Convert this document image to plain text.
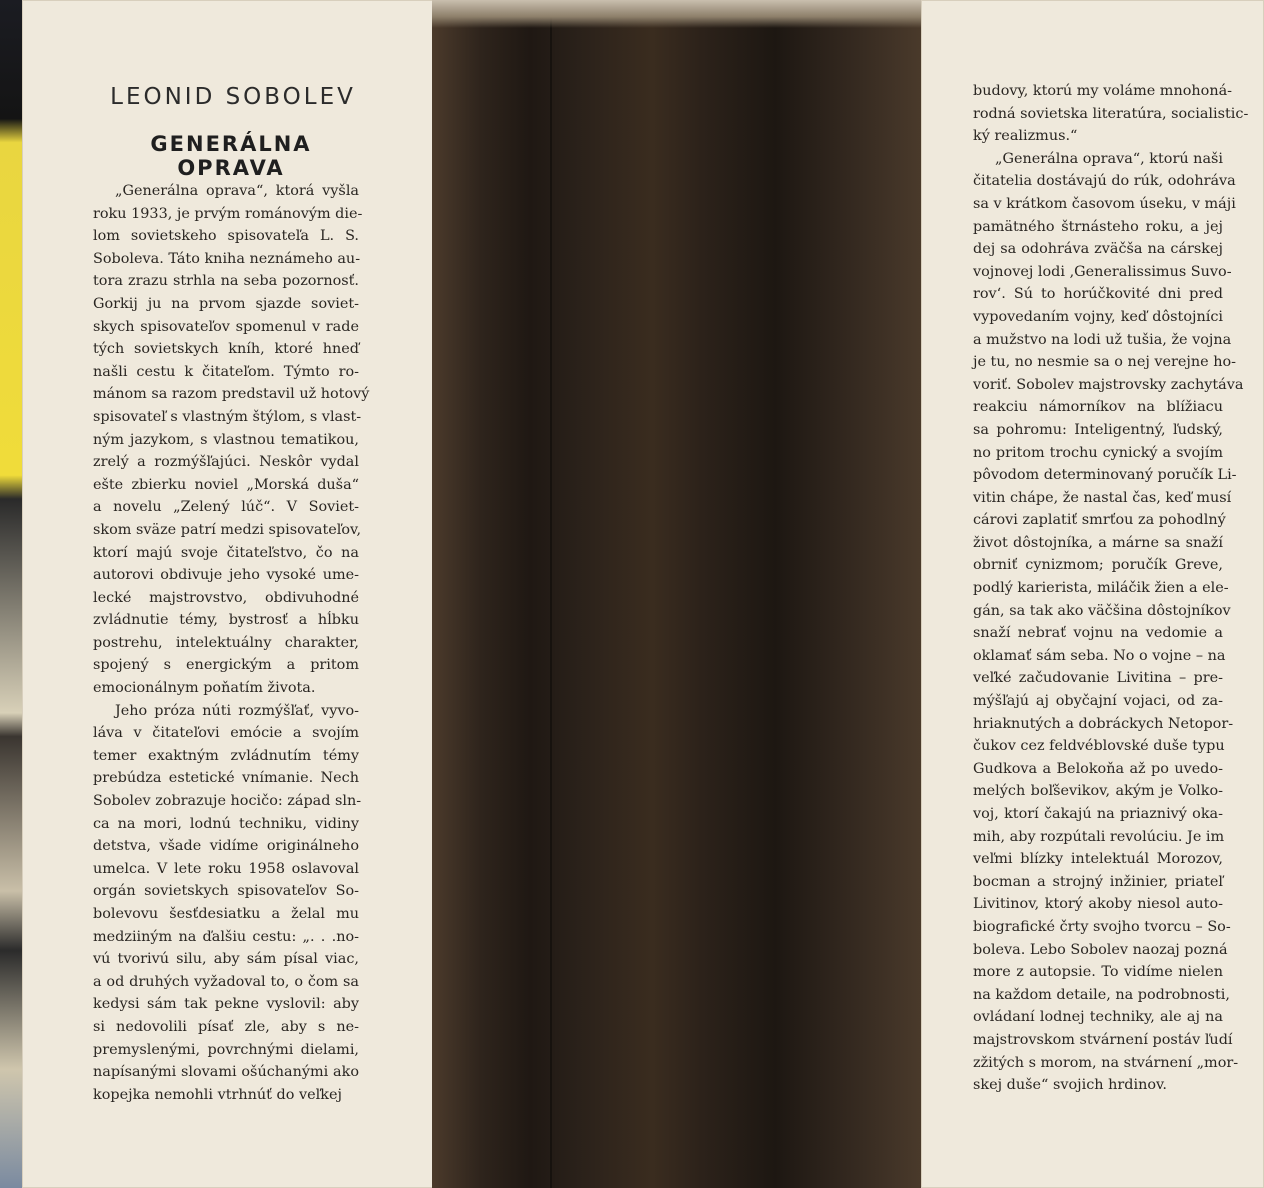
LEONID SOBOLEV
GENERÁLNA OPRAVA
„Generálna oprava“, ktorá vyšla
roku 1933, je prvým románovým die-
lom sovietskeho spisovateľa L. S.
Soboleva. Táto kniha neznámeho au-
tora zrazu strhla na seba pozornosť.
Gorkij ju na prvom sjazde soviet-
skych spisovateľov spomenul v rade
tých sovietskych kníh, ktoré hneď
našli cestu k čitateľom. Týmto ro-
mánom sa razom predstavil už hotový
spisovateľ s vlastným štýlom, s vlast-
ným jazykom, s vlastnou tematikou,
zrelý a rozmýšľajúci. Neskôr vydal
ešte zbierku noviel „Morská duša“
a novelu „Zelený lúč“. V Soviet-
skom sväze patrí medzi spisovateľov,
ktorí majú svoje čitateľstvo, čo na
autorovi obdivuje jeho vysoké ume-
lecké majstrovstvo, obdivuhodné
zvládnutie témy, bystrosť a hĺbku
postrehu, intelektuálny charakter,
spojený s energickým a pritom
emocionálnym poňatím života.
Jeho próza núti rozmýšľať, vyvo-
láva v čitateľovi emócie a svojím
temer exaktným zvládnutím témy
prebúdza estetické vnímanie. Nech
Sobolev zobrazuje hocičo: západ sln-
ca na mori, lodnú techniku, vidiny
detstva, všade vidíme originálneho
umelca. V lete roku 1958 oslavoval
orgán sovietskych spisovateľov So-
bolevovu šesťdesiatku a želal mu
medziiným na ďalšiu cestu: „. . .no-
vú tvorivú silu, aby sám písal viac,
a od druhých vyžadoval to, o čom sa
kedysi sám tak pekne vyslovil: aby
si nedovolili písať zle, aby s ne-
premyslenými, povrchnými dielami,
napísanými slovami ošúchanými ako
kopejka nemohli vtrhnúť do veľkej
budovy, ktorú my voláme mnohoná-
rodná sovietska literatúra, socialistic-
ký realizmus.“
„Generálna oprava“, ktorú naši
čitatelia dostávajú do rúk, odohráva
sa v krátkom časovom úseku, v máji
pamätného štrnásteho roku, a jej
dej sa odohráva zväčša na cárskej
vojnovej lodi ‚Generalissimus Suvo-
rov‘. Sú to horúčkovité dni pred
vypovedaním vojny, keď dôstojníci
a mužstvo na lodi už tušia, že vojna
je tu, no nesmie sa o nej verejne ho-
voriť. Sobolev majstrovsky zachytáva
reakciu námorníkov na blížiacu
sa pohromu: Inteligentný, ľudský,
no pritom trochu cynický a svojím
pôvodom determinovaný poručík Li-
vitin chápe, že nastal čas, keď musí
cárovi zaplatiť smrťou za pohodlný
život dôstojníka, a márne sa snaží
obrniť cynizmom; poručík Greve,
podlý karierista, miláčik žien a ele-
gán, sa tak ako väčšina dôstojníkov
snaží nebrať vojnu na vedomie a
oklamať sám seba. No o vojne – na
veľké začudovanie Livitina – pre-
mýšľajú aj obyčajní vojaci, od za-
hriaknutých a dobráckych Netopor-
čukov cez feldvéblovské duše typu
Gudkova a Belokoňa až po uvedo-
melých boľševikov, akým je Volko-
voj, ktorí čakajú na priaznivý oka-
mih, aby rozpútali revolúciu. Je im
veľmi blízky intelektuál Morozov,
bocman a strojný inžinier, priateľ
Livitinov, ktorý akoby niesol auto-
biografické črty svojho tvorcu – So-
boleva. Lebo Sobolev naozaj pozná
more z autopsie. To vidíme nielen
na každom detaile, na podrobnosti,
ovládaní lodnej techniky, ale aj na
majstrovskom stvárnení postáv ľudí
zžitých s morom, na stvárnení „mor-
skej duše“ svojich hrdinov.
